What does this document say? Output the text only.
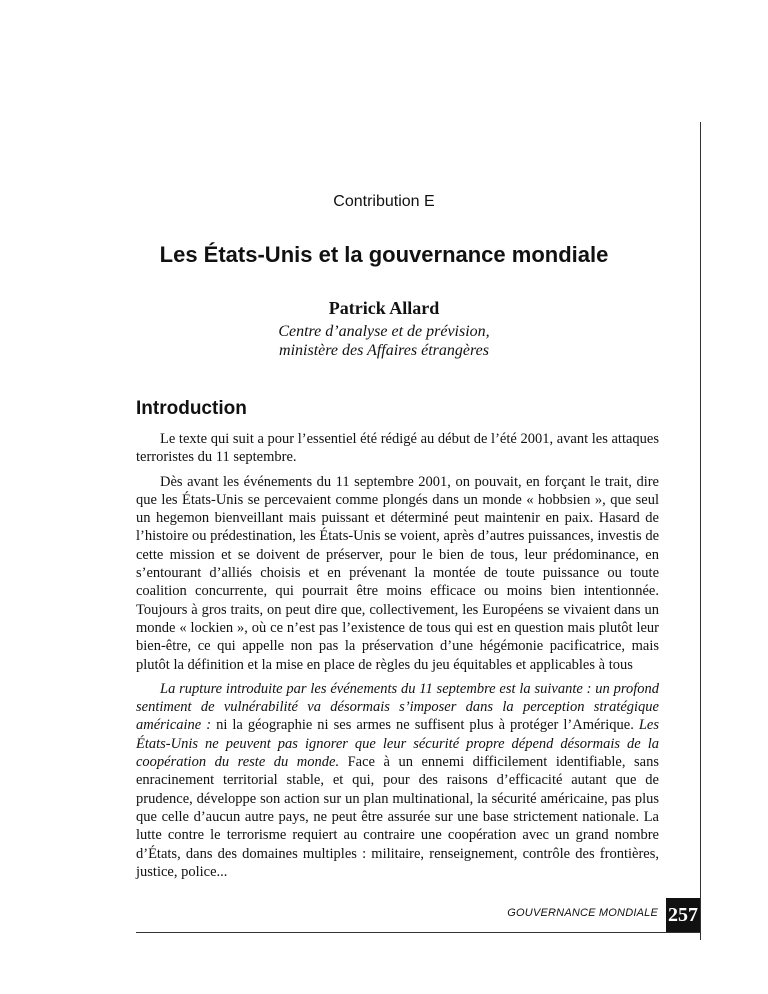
Contribution E
Les États-Unis et la gouvernance mondiale
Patrick Allard
Centre d’analyse et de prévision,
ministère des Affaires étrangères
Introduction

Le texte qui suit a pour l’essentiel été rédigé au début de l’été 2001, avant les attaques terroristes du 11 septembre.

Dès avant les événements du 11 septembre 2001, on pouvait, en forçant le trait, dire que les États-Unis se percevaient comme plongés dans un monde « hobbsien », que seul un hegemon bienveillant mais puissant et déterminé peut maintenir en paix. Hasard de l’histoire ou prédestination, les États-Unis se voient, après d’autres puissances, investis de cette mission et se doivent de préserver, pour le bien de tous, leur prédominance, en s’entourant d’alliés choisis et en prévenant la montée de toute puissance ou toute coalition concurrente, qui pourrait être moins efficace ou moins bien intentionnée. Toujours à gros traits, on peut dire que, collectivement, les Européens se vivaient dans un monde « lockien », où ce n’est pas l’existence de tous qui est en question mais plutôt leur bien-être, ce qui appelle non pas la préservation d’une hégémonie pacificatrice, mais plutôt la définition et la mise en place de règles du jeu équitables et applicables à tous

La rupture introduite par les événements du 11 septembre est la suivante : un profond sentiment de vulnérabilité va désormais s’imposer dans la perception stratégique américaine : ni la géographie ni ses armes ne suffisent plus à protéger l’Amérique. Les États-Unis ne peuvent pas ignorer que leur sécurité propre dépend désormais de la coopération du reste du monde. Face à un ennemi difficilement identifiable, sans enracinement territorial stable, et qui, pour des raisons d’efficacité autant que de prudence, développe son action sur un plan multinational, la sécurité américaine, pas plus que celle d’aucun autre pays, ne peut être assurée sur une base strictement nationale. La lutte contre le terrorisme requiert au contraire une coopération avec un grand nombre d’États, dans des domaines multiples : militaire, renseignement, contrôle des frontières, justice, police...

GOUVERNANCE MONDIALE 257
